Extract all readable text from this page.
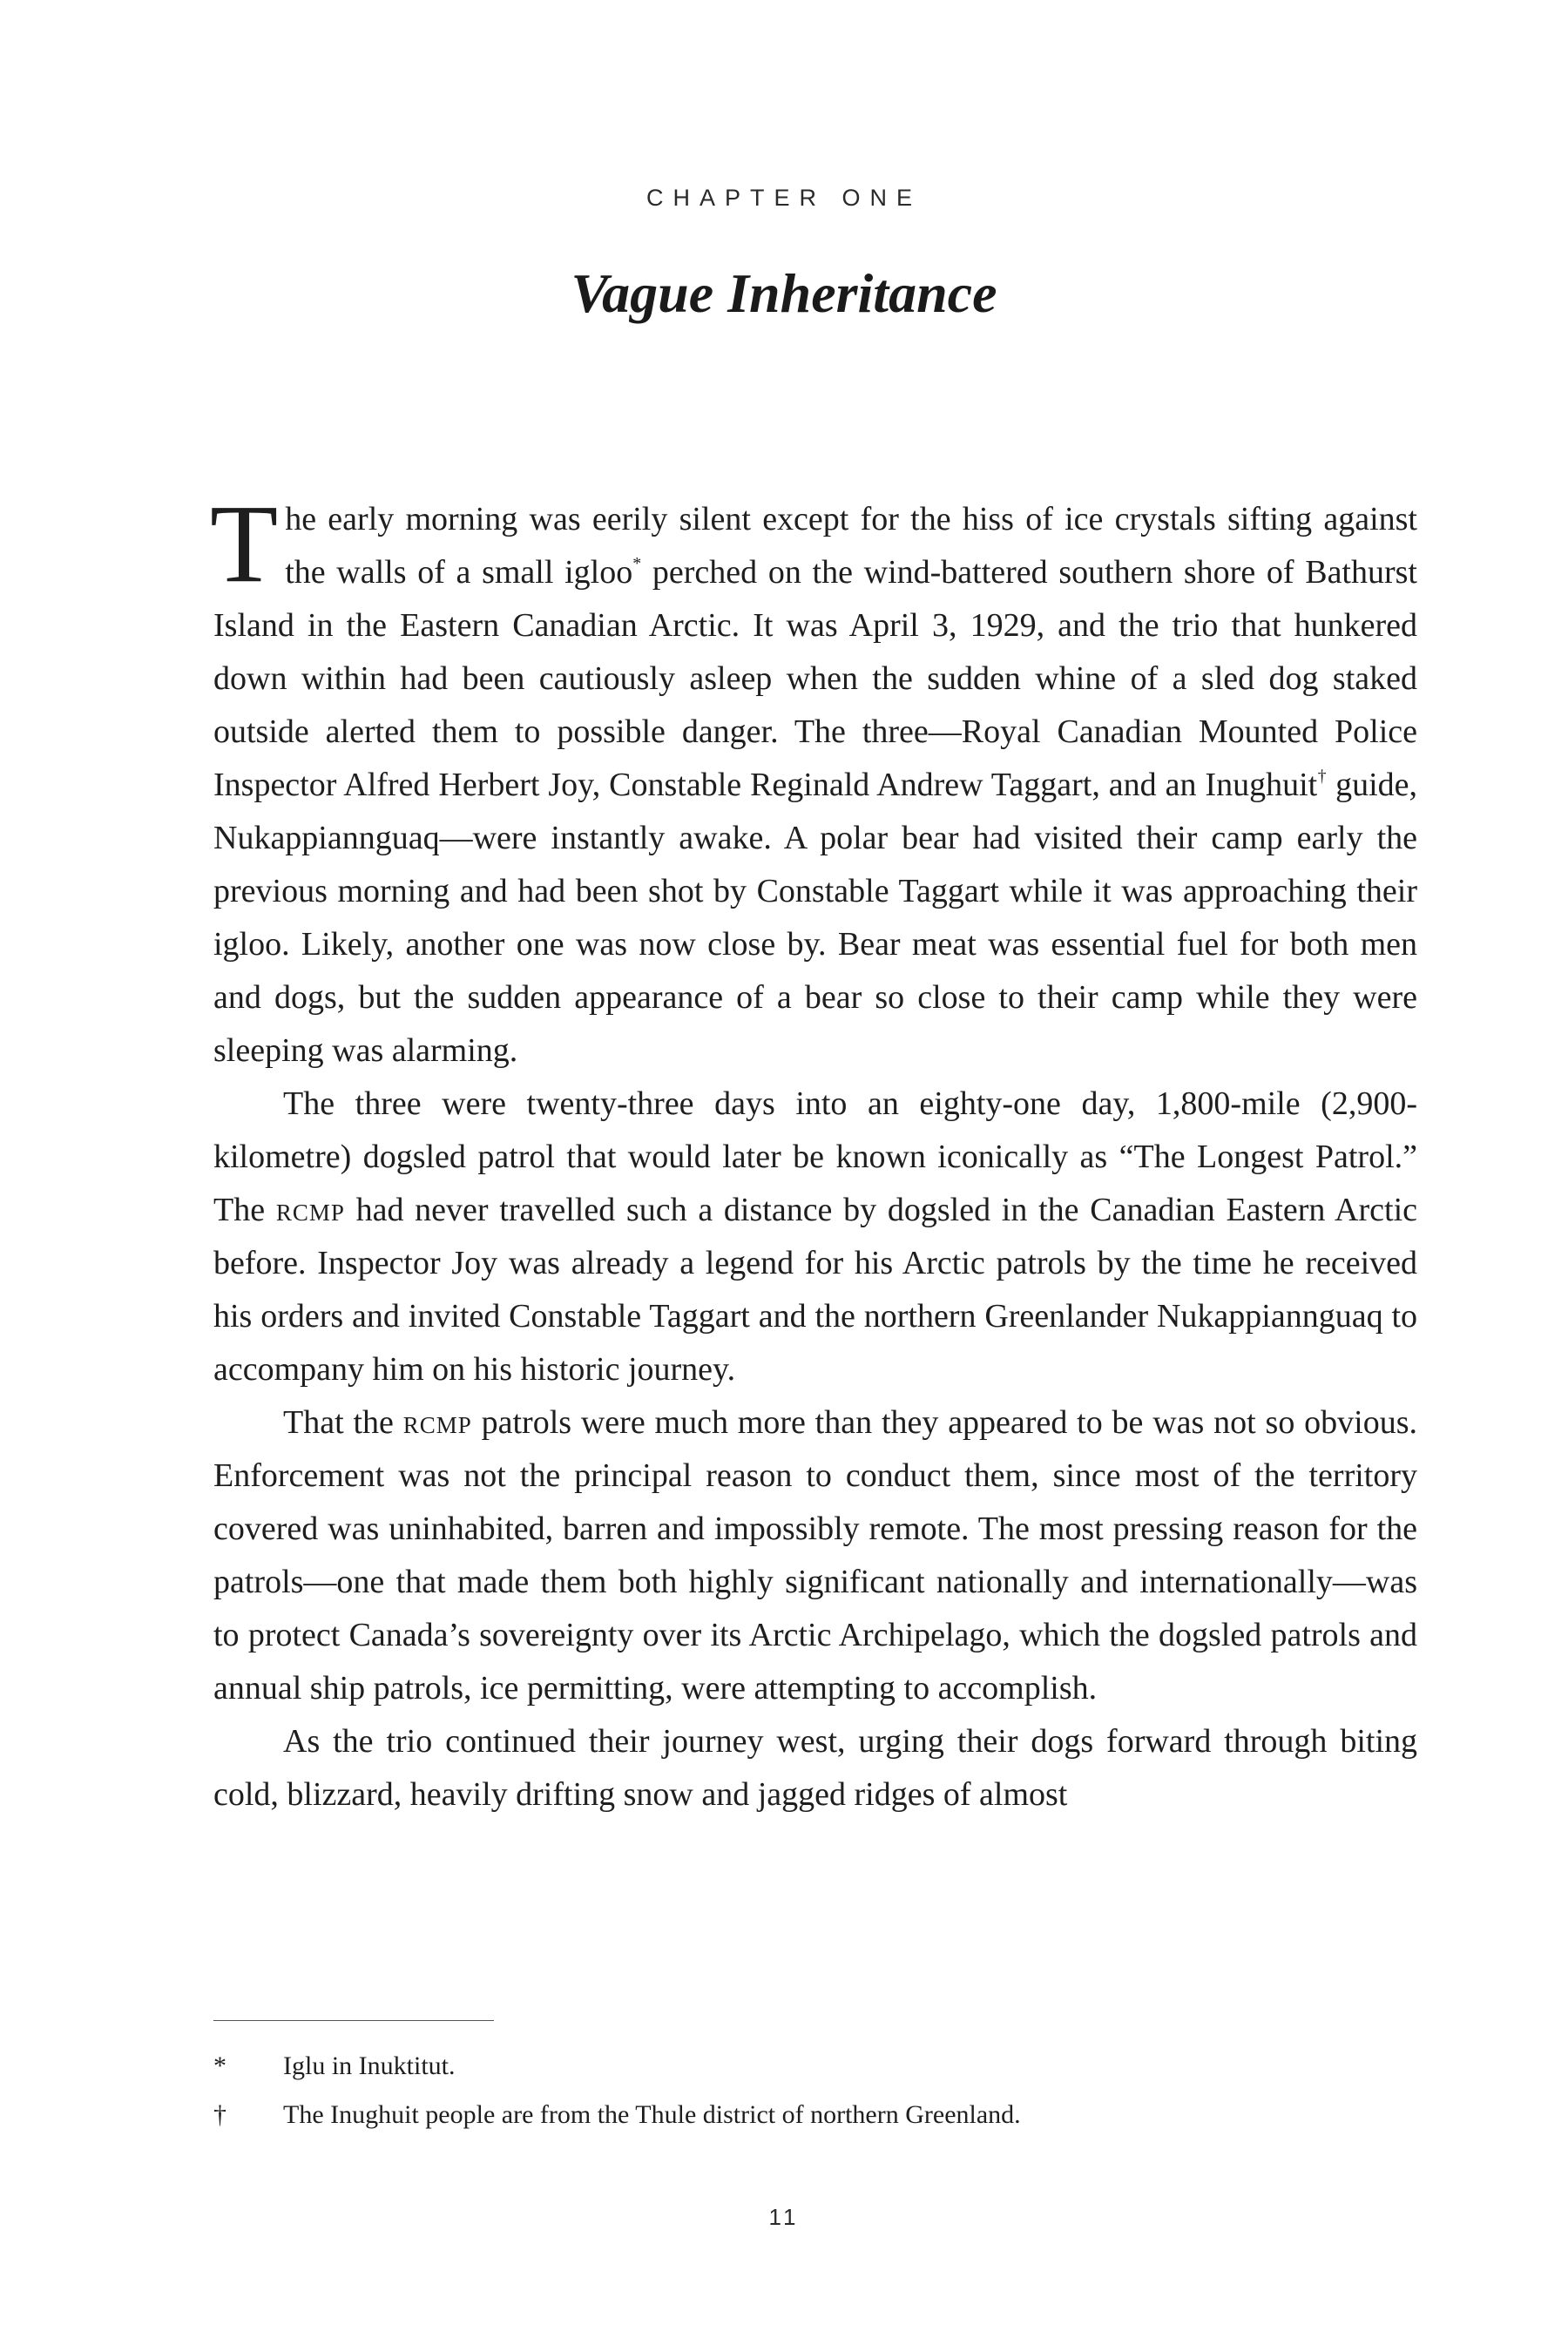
CHAPTER ONE
Vague Inheritance

The early morning was eerily silent except for the hiss of ice crystals sifting against the walls of a small igloo* perched on the wind-battered southern shore of Bathurst Island in the Eastern Canadian Arctic. It was April 3, 1929, and the trio that hunkered down within had been cautiously asleep when the sudden whine of a sled dog staked outside alerted them to possible danger. The three—Royal Canadian Mounted Police Inspector Alfred Herbert Joy, Constable Reginald Andrew Taggart, and an Inughuit† guide, Nukappiannguaq—were instantly awake. A polar bear had visited their camp early the previous morning and had been shot by Constable Taggart while it was approaching their igloo. Likely, another one was now close by. Bear meat was essential fuel for both men and dogs, but the sudden appearance of a bear so close to their camp while they were sleeping was alarming.

The three were twenty-three days into an eighty-one day, 1,800-mile (2,900-kilometre) dogsled patrol that would later be known iconically as “The Longest Patrol.” The rcmp had never travelled such a distance by dogsled in the Canadian Eastern Arctic before. Inspector Joy was already a legend for his Arctic patrols by the time he received his orders and invited Constable Taggart and the northern Greenlander Nukappiannguaq to accompany him on his historic journey.

That the rcmp patrols were much more than they appeared to be was not so obvious. Enforcement was not the principal reason to conduct them, since most of the territory covered was uninhabited, barren and impossibly remote. The most pressing reason for the patrols—one that made them both highly significant nationally and internationally—was to protect Canada’s sovereignty over its Arctic Archipelago, which the dogsled patrols and annual ship patrols, ice permitting, were attempting to accomplish.

As the trio continued their journey west, urging their dogs forward through biting cold, blizzard, heavily drifting snow and jagged ridges of almost

*	Iglu in Inuktitut.
†	The Inughuit people are from the Thule district of northern Greenland.
11
